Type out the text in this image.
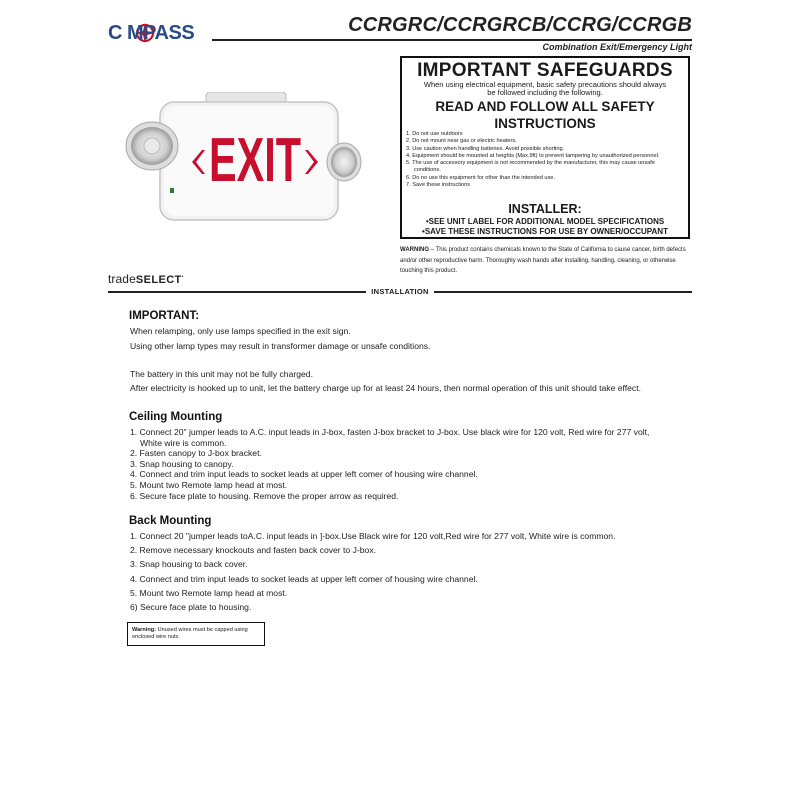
C MPASS	CCRGRC/CCRGRCB/CCRG/CCRGB
Combination Exit/Emergency Light
EXIT
IMPORTANT SAFEGUARDS
When using electrical equipment, basic safety precautions should always be followed including the following.
READ AND FOLLOW ALL SAFETY
INSTRUCTIONS
1. Do not use outdoors
2. Do not mount near gas or electric heaters.
3. Use caution when handling batteries. Avoid possible shorting.
4. Equipment should be mounted at heights (Max.9ft) to prevent tampering by unauthorized personnel.
5. The use of accessory equipment is not recommended by the manufacturer, this may cause unsafe conditions.
6. Do no use this equipment for other than the intended use.
7. Save these instructions
INSTALLER:
•SEE UNIT LABEL FOR ADDITIONAL MODEL SPECIFICATIONS
•SAVE THESE INSTRUCTIONS FOR USE BY OWNER/OCCUPANT
WARNING – This product contains chemicals known to the State of California to cause cancer, birth defects and/or other reproductive harm. Thoroughly wash hands after installing, handling, cleaning, or otherwise touching this product.
tradeSELECT•
INSTALLATION
IMPORTANT:
When relamping, only use lamps specified in the exit sign.
Using other lamp types may result in transformer damage or unsafe conditions.
The battery in this unit may not be fully charged.
After electricity is hooked up to unit, let the battery charge up for at least 24 hours, then normal operation of this unit should take effect.
Ceiling Mounting
1. Connect 20" jumper leads to A.C. input leads in J-box, fasten J-box bracket to J-box. Use black wire for 120 volt, Red wire for 277 volt, White wire is common.
2. Fasten canopy to J-box bracket.
3. Snap housing to canopy.
4. Connect and trim input leads to socket leads at upper left comer of housing wire channel.
5. Mount two Remote lamp head at most.
6. Secure face plate to housing. Remove the proper arrow as required.
Back Mounting
1. Connect 20 "jumper leads toA.C. input leads in ]-box.Use Black wire for 120 volt,Red wire for 277 volt, White wire is common.
2. Remove necessary knockouts and fasten back cover to J-box.
3. Snap housing to back cover.
4. Connect and trim input leads to socket leads at upper left comer of housing wire channel.
5. Mount two Remote lamp head at most.
6) Secure face plate to housing.
Warning: Unused wires must be capped using enclosed wire nuts.
